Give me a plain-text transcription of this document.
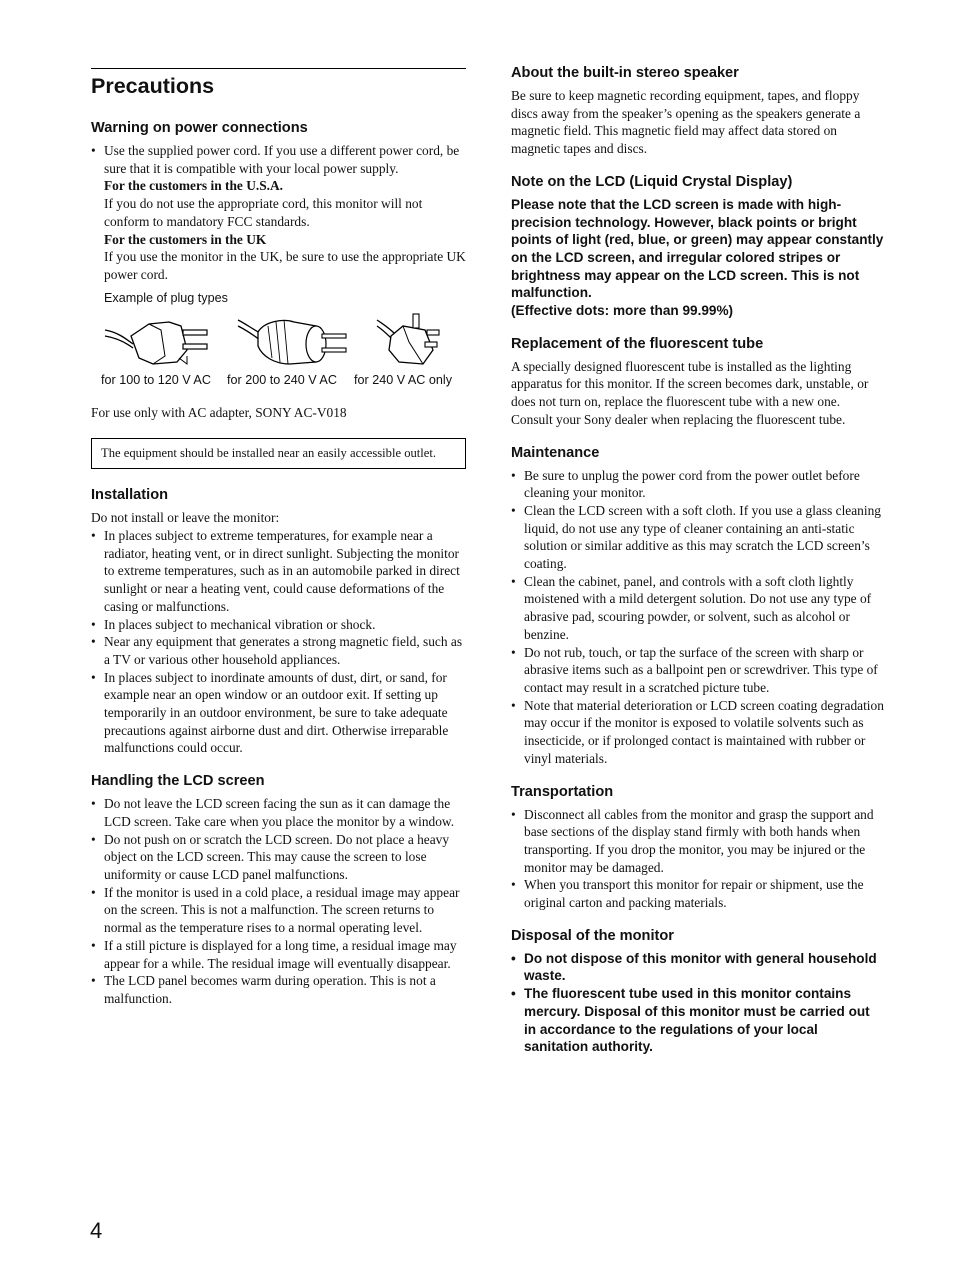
Precautions
Warning on power connections
• Use the supplied power cord. If you use a different power cord, be sure that it is compatible with your local power supply.
For the customers in the U.S.A.
If you do not use the appropriate cord, this monitor will not conform to mandatory FCC standards.
For the customers in the UK
If you use the monitor in the UK, be sure to use the appropriate UK power cord.
Example of plug types
for 100 to 120 V AC for 200 to 240 V AC for 240 V AC only

For use only with AC adapter, SONY AC-V018

The equipment should be installed near an easily accessible outlet.

Installation

Do not install or leave the monitor:

• In places subject to extreme temperatures, for example near a radiator, heating vent, or in direct sunlight. Subjecting the monitor to extreme temperatures, such as in an automobile parked in direct sunlight or near a heating vent, could cause deformations of the casing or malfunctions.
• In places subject to mechanical vibration or shock.
• Near any equipment that generates a strong magnetic field, such as a TV or various other household appliances.
• In places subject to inordinate amounts of dust, dirt, or sand, for example near an open window or an outdoor exit. If setting up temporarily in an outdoor environment, be sure to take adequate precautions against airborne dust and dirt. Otherwise irreparable malfunctions could occur.
Handling the LCD screen
• Do not leave the LCD screen facing the sun as it can damage the LCD screen. Take care when you place the monitor by a window.
• Do not push on or scratch the LCD screen. Do not place a heavy object on the LCD screen. This may cause the screen to lose uniformity or cause LCD panel malfunctions.
• If the monitor is used in a cold place, a residual image may appear on the screen. This is not a malfunction. The screen returns to normal as the temperature rises to a normal operating level.
• If a still picture is displayed for a long time, a residual image may appear for a while. The residual image will eventually disappear.
• The LCD panel becomes warm during operation. This is not a malfunction.
About the built-in stereo speaker

Be sure to keep magnetic recording equipment, tapes, and floppy discs away from the speaker’s opening as the speakers generate a magnetic field. This magnetic field may affect data stored on magnetic tapes and discs.

Note on the LCD (Liquid Crystal Display)

Please note that the LCD screen is made with high-precision technology. However, black points or bright points of light (red, blue, or green) may appear constantly on the LCD screen, and irregular colored stripes or brightness may appear on the LCD screen. This is not malfunction.

(Effective dots: more than 99.99%)

Replacement of the fluorescent tube

A specially designed fluorescent tube is installed as the lighting apparatus for this monitor. If the screen becomes dark, unstable, or does not turn on, replace the fluorescent tube with a new one. Consult your Sony dealer when replacing the fluorescent tube.

Maintenance
• Be sure to unplug the power cord from the power outlet before cleaning your monitor.
• Clean the LCD screen with a soft cloth. If you use a glass cleaning liquid, do not use any type of cleaner containing an anti-static solution or similar additive as this may scratch the LCD screen’s coating.
• Clean the cabinet, panel, and controls with a soft cloth lightly moistened with a mild detergent solution. Do not use any type of abrasive pad, scouring powder, or solvent, such as alcohol or benzine.
• Do not rub, touch, or tap the surface of the screen with sharp or abrasive items such as a ballpoint pen or screwdriver. This type of contact may result in a scratched picture tube.
• Note that material deterioration or LCD screen coating degradation may occur if the monitor is exposed to volatile solvents such as insecticide, or if prolonged contact is maintained with rubber or vinyl materials.
Transportation
• Disconnect all cables from the monitor and grasp the support and base sections of the display stand firmly with both hands when transporting. If you drop the monitor, you may be injured or the monitor may be damaged.
• When you transport this monitor for repair or shipment, use the original carton and packing materials.
Disposal of the monitor
• Do not dispose of this monitor with general household waste.
• The fluorescent tube used in this monitor contains mercury. Disposal of this monitor must be carried out in accordance to the regulations of your local sanitation authority.
4
